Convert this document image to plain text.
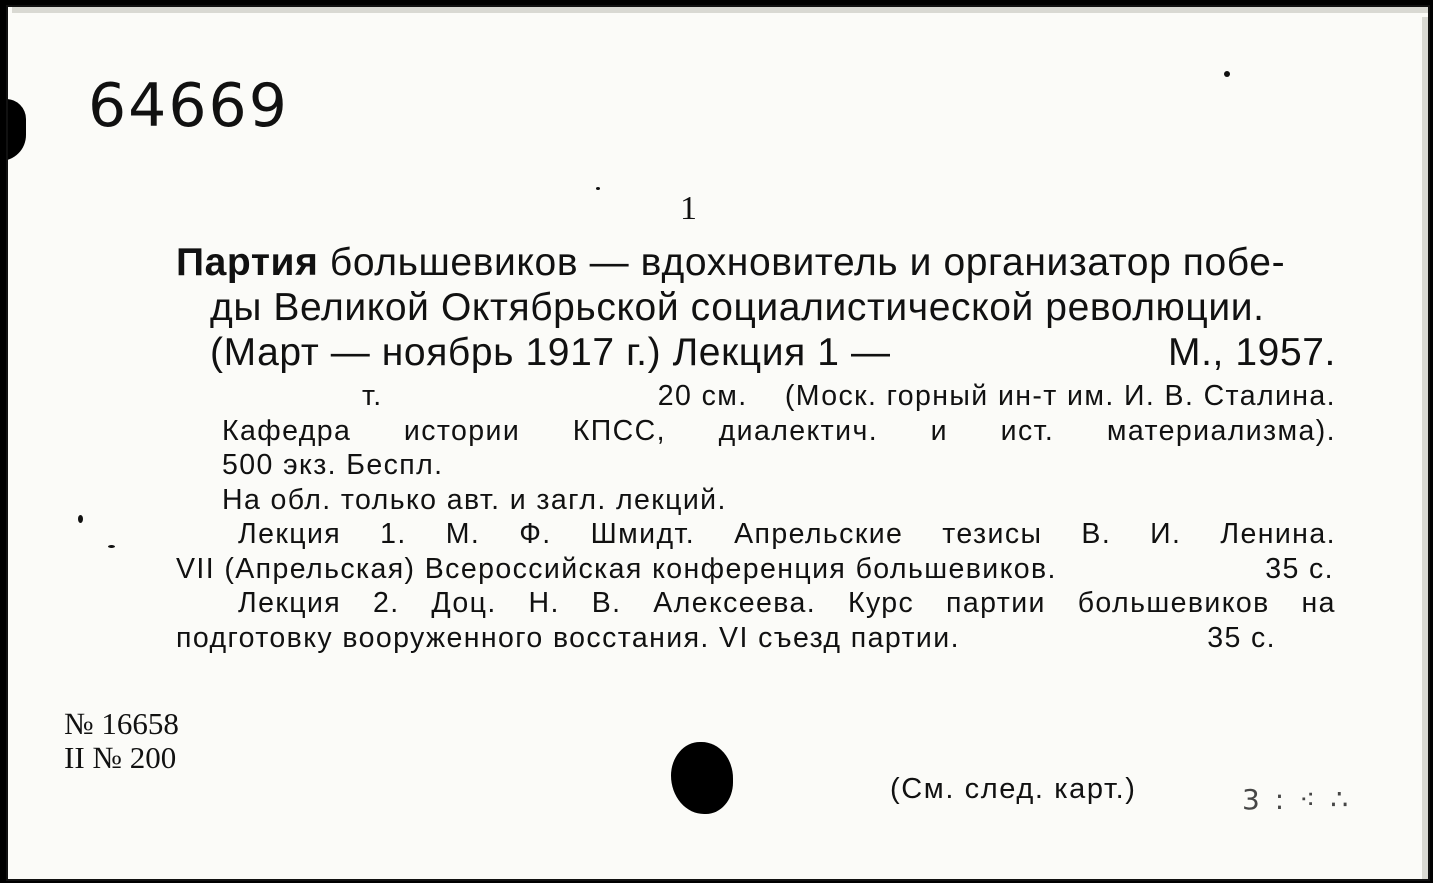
64669
1
Партия большевиков — вдохновитель и организатор побе-
ды Великой Октябрьской социалистической революции.
(Март — ноябрь 1917 г.) Лекция 1 —	М., 1957.
т.	20 см.    (Моск. горный ин-т им. И. В. Сталина.
Кафедра истории КПСС, диалектич. и ист. материализма).
500 экз. Беспл.
На обл. только авт. и загл. лекций.
Лекция 1. М. Ф. Шмидт. Апрельские тезисы В. И. Ленина.
VII (Апрельская) Всероссийская конференция большевиков.	35 с.
Лекция 2. Доц. Н. В. Алексеева. Курс партии большевиков на
подготовку вооруженного восстания. VI съезд партии.	35 с.
№ 16658
II № 200
(См. след. карт.)	3 ꞉ ⁖ ∴
